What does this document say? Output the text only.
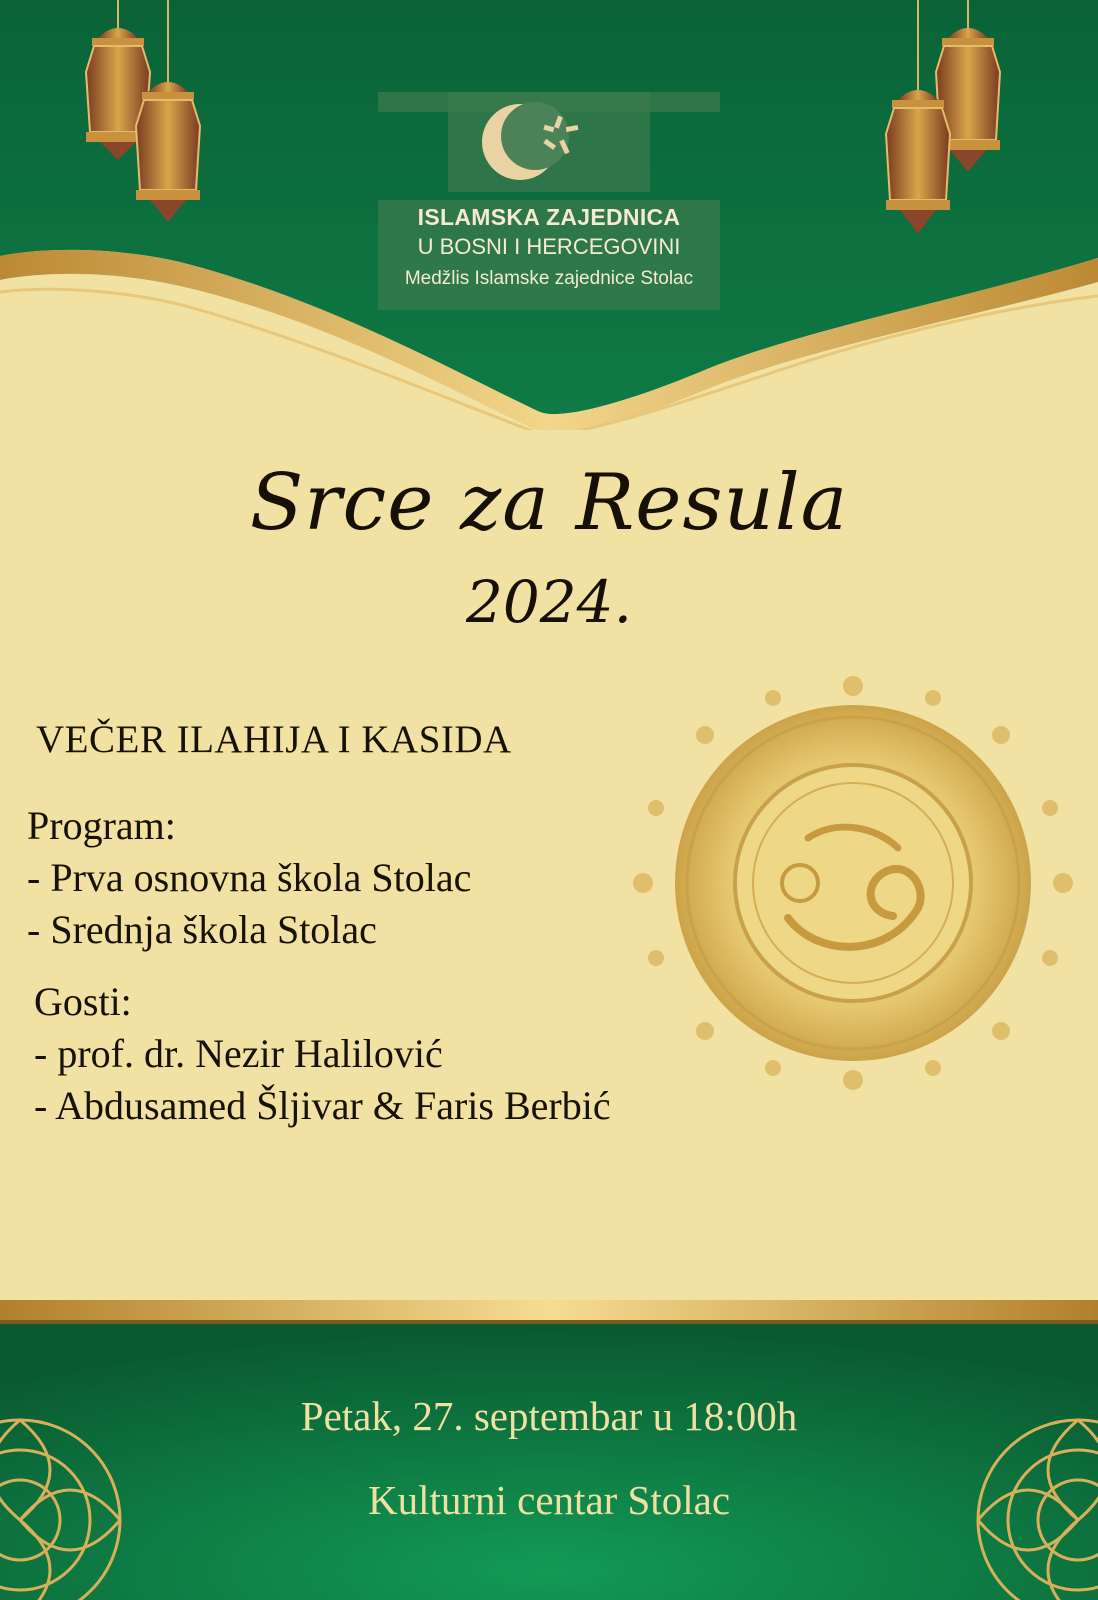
ISLAMSKA ZAJEDNICA
U BOSNI I HERCEGOVINI
Medžlis Islamske zajednice Stolac
Srce za Resula
2024.
VEČER ILAHIJA I KASIDA
Program:
- Prva osnovna škola Stolac
- Srednja škola Stolac
Gosti:
- prof. dr. Nezir Halilović
- Abdusamed Šljivar & Faris Berbić
Petak, 27. septembar u 18:00h
Kulturni centar Stolac
